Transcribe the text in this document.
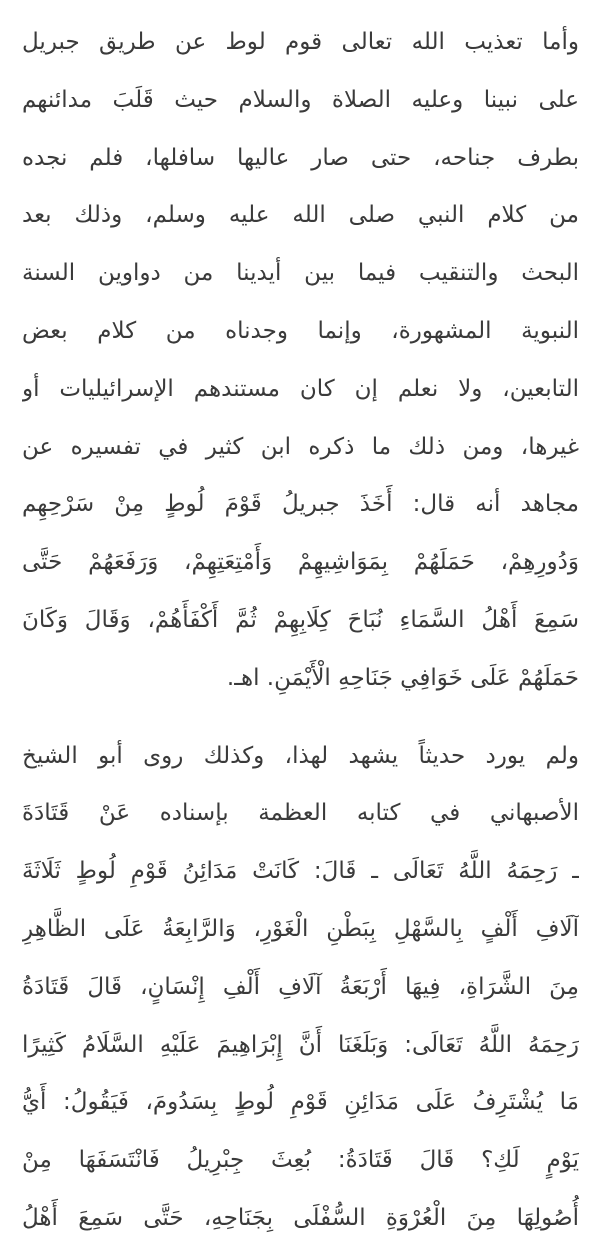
وأما تعذيب الله تعالى قوم لوط عن طريق جبريل
على نبينا وعليه الصلاة والسلام حيث قَلَبَ مدائنهم
بطرف جناحه، حتى صار عاليها سافلها، فلم نجده
من كلام النبي صلى الله عليه وسلم، وذلك بعد
البحث والتنقيب فيما بين أيدينا من دواوين السنة
النبوية المشهورة، وإنما وجدناه من كلام بعض
التابعين، ولا نعلم إن كان مستندهم الإسرائيليات أو
غيرها، ومن ذلك ما ذكره ابن كثير في تفسيره عن
مجاهد أنه قال: أَخَذَ جبريلُ قَوْمَ لُوطٍ مِنْ سَرْحِهِم
وَدُورِهِمْ، حَمَلَهُمْ بِمَوَاشِيهِمْ وَأَمْتِعَتِهِمْ، وَرَفَعَهُمْ حَتَّى
سَمِعَ أَهْلُ السَّمَاءِ نُبَاحَ كِلَابِهِمْ ثُمَّ أَكْفَأَهُمْ، وَقَالَ وَكَانَ
حَمَلَهُمْ عَلَى خَوَافِي جَنَاحِهِ الْأَيْمَنِ. اهـ.

ولم يورد حديثاً يشهد لهذا، وكذلك روى أبو الشيخ
الأصبهاني في كتابه العظمة بإسناده عَنْ قَتَادَةَ
ـ رَحِمَهُ اللَّهُ تَعَالَى ـ قَالَ: كَانَتْ مَدَائِنُ قَوْمِ لُوطٍ ثَلَاثَةَ
آلَافِ أَلْفٍ بِالسَّهْلِ بِبَطْنِ الْغَوْرِ، وَالرَّابِعَةُ عَلَى الظَّاهِرِ
مِنَ الشَّرَاةِ، فِيهَا أَرْبَعَةُ آلَافِ أَلْفِ إِنْسَانٍ، قَالَ قَتَادَةُ
رَحِمَهُ اللَّهُ تَعَالَى: وَبَلَغَنَا أَنَّ إِبْرَاهِيمَ عَلَيْهِ السَّلَامُ كَثِيرًا
مَا يُشْتَرِفُ عَلَى مَدَائِنِ قَوْمِ لُوطٍ بِسَدُومَ، فَيَقُولُ: أَيُّ
يَوْمٍ لَكِ؟ قَالَ قَتَادَةُ: بُعِثَ جِبْرِيلُ فَانْتَسَفَهَا مِنْ
أُصُولِهَا مِنَ الْعُرْوَةِ السُّفْلَى بِجَنَاحِهِ، حَتَّى سَمِعَ أَهْلُ
